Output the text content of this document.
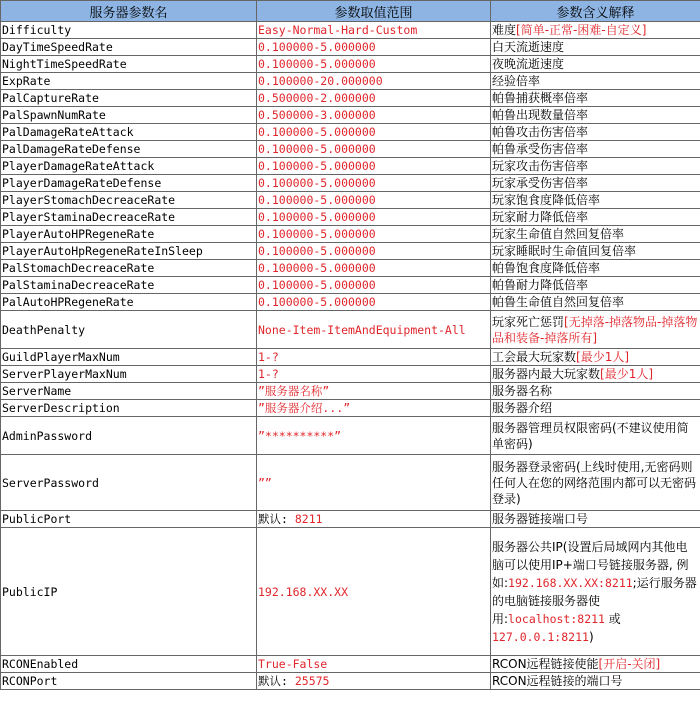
服务器参数名	参数取值范围	参数含义解释
Difficulty	Easy-Normal-Hard-Custom	难度[简单-正常-困难-自定义]
DayTimeSpeedRate	0.100000-5.000000	白天流逝速度
NightTimeSpeedRate	0.100000-5.000000	夜晚流逝速度
ExpRate	0.100000-20.000000	经验倍率
PalCaptureRate	0.500000-2.000000	帕鲁捕获概率倍率
PalSpawnNumRate	0.500000-3.000000	帕鲁出现数量倍率
PalDamageRateAttack	0.100000-5.000000	帕鲁攻击伤害倍率
PalDamageRateDefense	0.100000-5.000000	帕鲁承受伤害倍率
PlayerDamageRateAttack	0.100000-5.000000	玩家攻击伤害倍率
PlayerDamageRateDefense	0.100000-5.000000	玩家承受伤害倍率
PlayerStomachDecreaceRate	0.100000-5.000000	玩家饱食度降低倍率
PlayerStaminaDecreaceRate	0.100000-5.000000	玩家耐力降低倍率
PlayerAutoHPRegeneRate	0.100000-5.000000	玩家生命值自然回复倍率
PlayerAutoHpRegeneRateInSleep	0.100000-5.000000	玩家睡眠时生命值回复倍率
PalStomachDecreaceRate	0.100000-5.000000	帕鲁饱食度降低倍率
PalStaminaDecreaceRate	0.100000-5.000000	帕鲁耐力降低倍率
PalAutoHPRegeneRate	0.100000-5.000000	帕鲁生命值自然回复倍率
DeathPenalty	None-Item-ItemAndEquipment-All	玩家死亡惩罚[无掉落-掉落物品-掉落物品和装备-掉落所有]
GuildPlayerMaxNum	1-?	工会最大玩家数[最少1人]
ServerPlayerMaxNum	1-?	服务器内最大玩家数[最少1人]
ServerName	”服务器名称”	服务器名称
ServerDescription	”服务器介绍...”	服务器介绍
AdminPassword	”**********”	服务器管理员权限密码(不建议使用简单密码)
ServerPassword	””	服务器登录密码(上线时使用,无密码则任何人在您的网络范围内都可以无密码登录)
PublicPort	默认: 8211	服务器链接端口号
PublicIP	192.168.XX.XX	服务器公共IP(设置后局域网内其他电脑可以使用IP+端口号链接服务器, 例如:192.168.XX.XX:8211;运行服务器的电脑链接服务器使用:localhost:8211 或 127.0.0.1:8211)
RCONEnabled	True-False	RCON远程链接使能[开启-关闭]
RCONPort	默认: 25575	RCON远程链接的端口号
